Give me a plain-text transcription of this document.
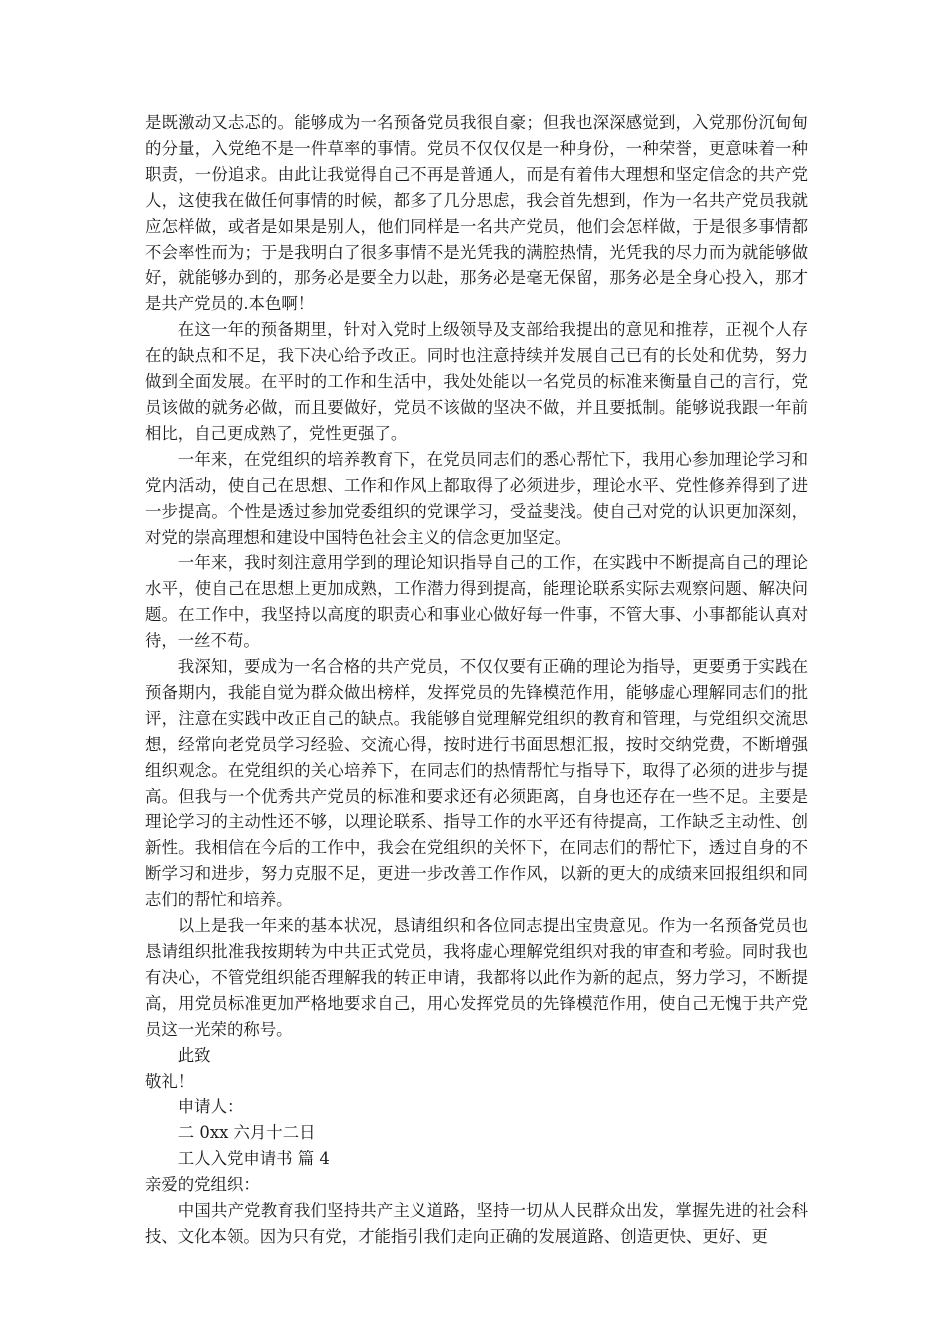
是既激动又忐忑的。能够成为一名预备党员我很自豪；但我也深深感觉到，入党那份沉甸甸的分量，入党绝不是一件草率的事情。党员不仅仅仅是一种身份，一种荣誉，更意味着一种职责，一份追求。由此让我觉得自己不再是普通人，而是有着伟大理想和坚定信念的共产党人，这使我在做任何事情的时候，都多了几分思虑，我会首先想到，作为一名共产党员我就应怎样做，或者是如果是别人，他们同样是一名共产党员，他们会怎样做，于是很多事情都不会率性而为；于是我明白了很多事情不是光凭我的满腔热情，光凭我的尽力而为就能够做好，就能够办到的，那务必是要全力以赴，那务必是毫无保留，那务必是全身心投入，那才是共产党员的.本色啊！

在这一年的预备期里，针对入党时上级领导及支部给我提出的意见和推荐，正视个人存在的缺点和不足，我下决心给予改正。同时也注意持续并发展自己已有的长处和优势，努力做到全面发展。在平时的工作和生活中，我处处能以一名党员的标准来衡量自己的言行，党员该做的就务必做，而且要做好，党员不该做的坚决不做，并且要抵制。能够说我跟一年前相比，自己更成熟了，党性更强了。

一年来，在党组织的培养教育下，在党员同志们的悉心帮忙下，我用心参加理论学习和党内活动，使自己在思想、工作和作风上都取得了必须进步，理论水平、党性修养得到了进一步提高。个性是透过参加党委组织的党课学习，受益斐浅。使自己对党的认识更加深刻，对党的崇高理想和建设中国特色社会主义的信念更加坚定。

一年来，我时刻注意用学到的理论知识指导自己的工作，在实践中不断提高自己的理论水平，使自己在思想上更加成熟，工作潜力得到提高，能理论联系实际去观察问题、解决问题。在工作中，我坚持以高度的职责心和事业心做好每一件事，不管大事、小事都能认真对待，一丝不苟。

我深知，要成为一名合格的共产党员，不仅仅要有正确的理论为指导，更要勇于实践在预备期内，我能自觉为群众做出榜样，发挥党员的先锋模范作用，能够虚心理解同志们的批评，注意在实践中改正自己的缺点。我能够自觉理解党组织的教育和管理，与党组织交流思想，经常向老党员学习经验、交流心得，按时进行书面思想汇报，按时交纳党费，不断增强组织观念。在党组织的关心培养下，在同志们的热情帮忙与指导下，取得了必须的进步与提高。但我与一个优秀共产党员的标准和要求还有必须距离，自身也还存在一些不足。主要是理论学习的主动性还不够，以理论联系、指导工作的水平还有待提高，工作缺乏主动性、创新性。我相信在今后的工作中，我会在党组织的关怀下，在同志们的帮忙下，透过自身的不断学习和进步，努力克服不足，更进一步改善工作作风，以新的更大的成绩来回报组织和同志们的帮忙和培养。

以上是我一年来的基本状况，恳请组织和各位同志提出宝贵意见。作为一名预备党员也恳请组织批准我按期转为中共正式党员，我将虚心理解党组织对我的审查和考验。同时我也有决心，不管党组织能否理解我的转正申请，我都将以此作为新的起点，努力学习，不断提高，用党员标准更加严格地要求自己，用心发挥党员的先锋模范作用，使自己无愧于共产党员这一光荣的称号。

此致

敬礼！

申请人：

二 0xx 六月十二日

工人入党申请书 篇 4

亲爱的党组织：

中国共产党教育我们坚持共产主义道路，坚持一切从人民群众出发，掌握先进的社会科技、文化本领。因为只有党，才能指引我们走向正确的发展道路、创造更快、更好、更
